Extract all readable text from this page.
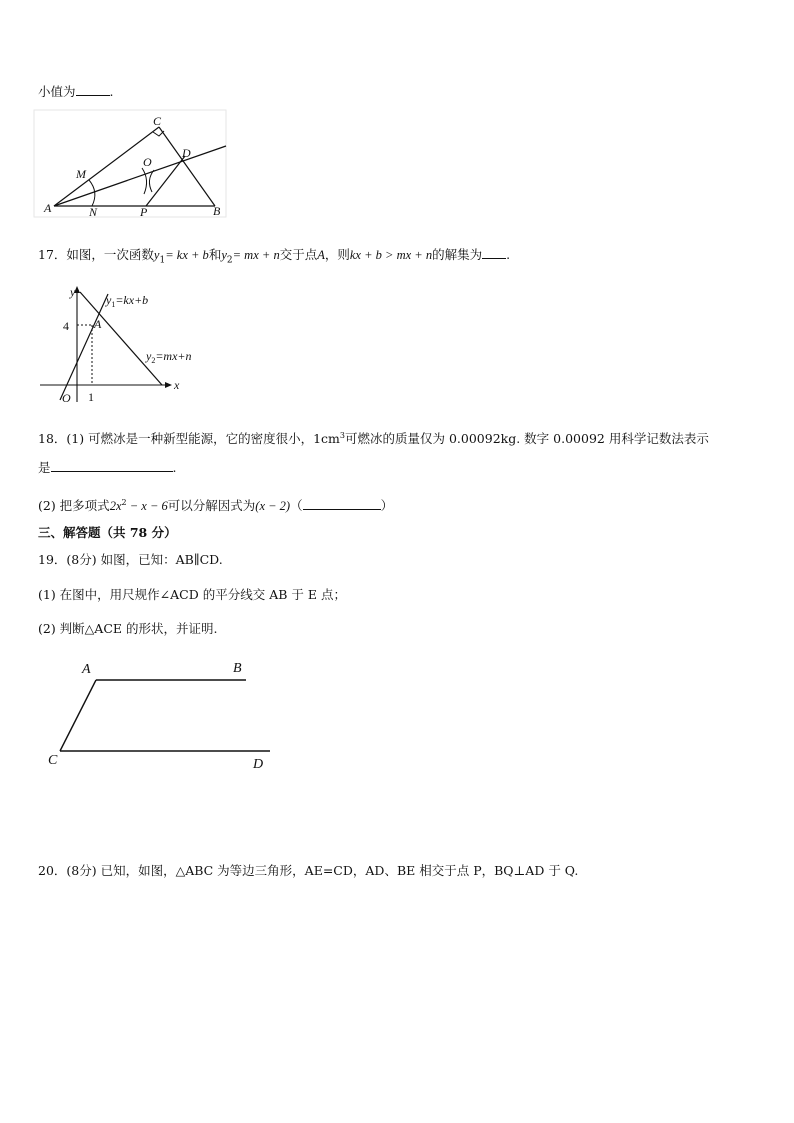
小值为	.
C
M
O
D
A	N	P	B
17．如图，一次函数$y_1=$ kx + b和$y_2=$ mx + n交于点A，则kx + b > mx + n的解集为 .
y
x
O
4
1
A
$y_1=kx+b$
$y_2=mx+n$
18．(1) 可燃冰是一种新型能源，它的密度很小，$1cm^3$可燃冰的质量仅为 0.00092kg. 数字 0.00092 用科学记数法表示
是	.
(2) 把多项式$2x^2 - x - 6$可以分解因式为(x − 2)（	）
三、解答题（共 78 分）
19．(8分) 如图，已知：AB∥CD.
(1) 在图中，用尺规作∠ACD 的平分线交 AB 于 E 点；
(2) 判断△ACE 的形状，并证明.
A	B
C	D
20．(8分) 已知，如图，△ABC 为等边三角形，AE=CD，AD、BE 相交于点 P，BQ⊥AD 于 Q.
